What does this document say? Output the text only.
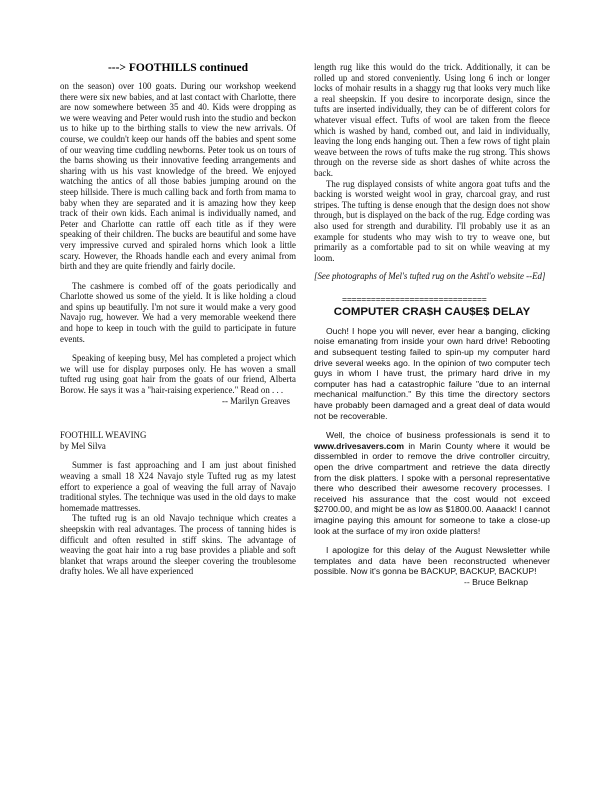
---> FOOTHILLS continued

on the season) over 100 goats. During our workshop weekend there were six new babies, and at last contact with Charlotte, there are now somewhere between 35 and 40. Kids were dropping as we were weaving and Peter would rush into the studio and beckon us to hike up to the birthing stalls to view the new arrivals. Of course, we couldn't keep our hands off the babies and spent some of our weaving time cuddling newborns. Peter took us on tours of the barns showing us their innovative feeding arrangements and sharing with us his vast knowledge of the breed. We enjoyed watching the antics of all those babies jumping around on the steep hillside. There is much calling back and forth from mama to baby when they are separated and it is amazing how they keep track of their own kids. Each animal is individually named, and Peter and Charlotte can rattle off each title as if they were speaking of their children. The bucks are beautiful and some have very impressive curved and spiraled horns which look a little scary. However, the Rhoads handle each and every animal from birth and they are quite friendly and fairly docile.

The cashmere is combed off of the goats periodically and Charlotte showed us some of the yield. It is like holding a cloud and spins up beautifully. I'm not sure it would make a very good Navajo rug, however. We had a very memorable weekend there and hope to keep in touch with the guild to participate in future events.

Speaking of keeping busy, Mel has completed a project which we will use for display purposes only. He has woven a small tufted rug using goat hair from the goats of our friend, Alberta Borow. He says it was a "hair-raising experience." Read on . . .

-- Marilyn Greaves

FOOTHILL WEAVING

by Mel Silva

Summer is fast approaching and I am just about finished weaving a small 18 X24 Navajo style Tufted rug as my latest effort to experience a goal of weaving the full array of Navajo traditional styles. The technique was used in the old days to make homemade mattresses.

The tufted rug is an old Navajo technique which creates a sheepskin with real advantages. The process of tanning hides is difficult and often resulted in stiff skins. The advantage of weaving the goat hair into a rug base provides a pliable and soft blanket that wraps around the sleeper covering the troublesome drafty holes. We all have experienced

length rug like this would do the trick. Additionally, it can be rolled up and stored conveniently. Using long 6 inch or longer locks of mohair results in a shaggy rug that looks very much like a real sheepskin. If you desire to incorporate design, since the tufts are inserted individually, they can be of different colors for whatever visual effect. Tufts of wool are taken from the fleece which is washed by hand, combed out, and laid in individually, leaving the long ends hanging out. Then a few rows of tight plain weave between the rows of tufts make the rug strong. This shows through on the reverse side as short dashes of white across the back.

The rug displayed consists of white angora goat tufts and the backing is worsted weight wool in gray, charcoal gray, and rust stripes. The tufting is dense enough that the design does not show through, but is displayed on the back of the rug. Edge cording was also used for strength and durability. I'll probably use it as an example for students who may wish to try to weave one, but primarily as a comfortable pad to sit on while weaving at my loom.

[See photographs of Mel's tufted rug on the Ashtl'o website --Ed]

==============================
COMPUTER CRA$H CAU$E$ DELAY

Ouch! I hope you will never, ever hear a banging, clicking noise emanating from inside your own hard drive! Rebooting and subsequent testing failed to spin-up my computer hard drive several weeks ago. In the opinion of two computer tech guys in whom I have trust, the primary hard drive in my computer has had a catastrophic failure "due to an internal mechanical malfunction." By this time the directory sectors have probably been damaged and a great deal of data would not be recoverable.

Well, the choice of business professionals is send it to www.drivesavers.com in Marin County where it would be dissembled in order to remove the drive controller circuitry, open the drive compartment and retrieve the data directly from the disk platters. I spoke with a personal representative there who described their awesome recovery processes. I received his assurance that the cost would not exceed $2700.00, and might be as low as $1800.00. Aaaack! I cannot imagine paying this amount for someone to take a close-up look at the surface of my iron oxide platters!

I apologize for this delay of the August Newsletter while templates and data have been reconstructed whenever possible. Now it's gonna be BACKUP, BACKUP, BACKUP!

-- Bruce Belknap
